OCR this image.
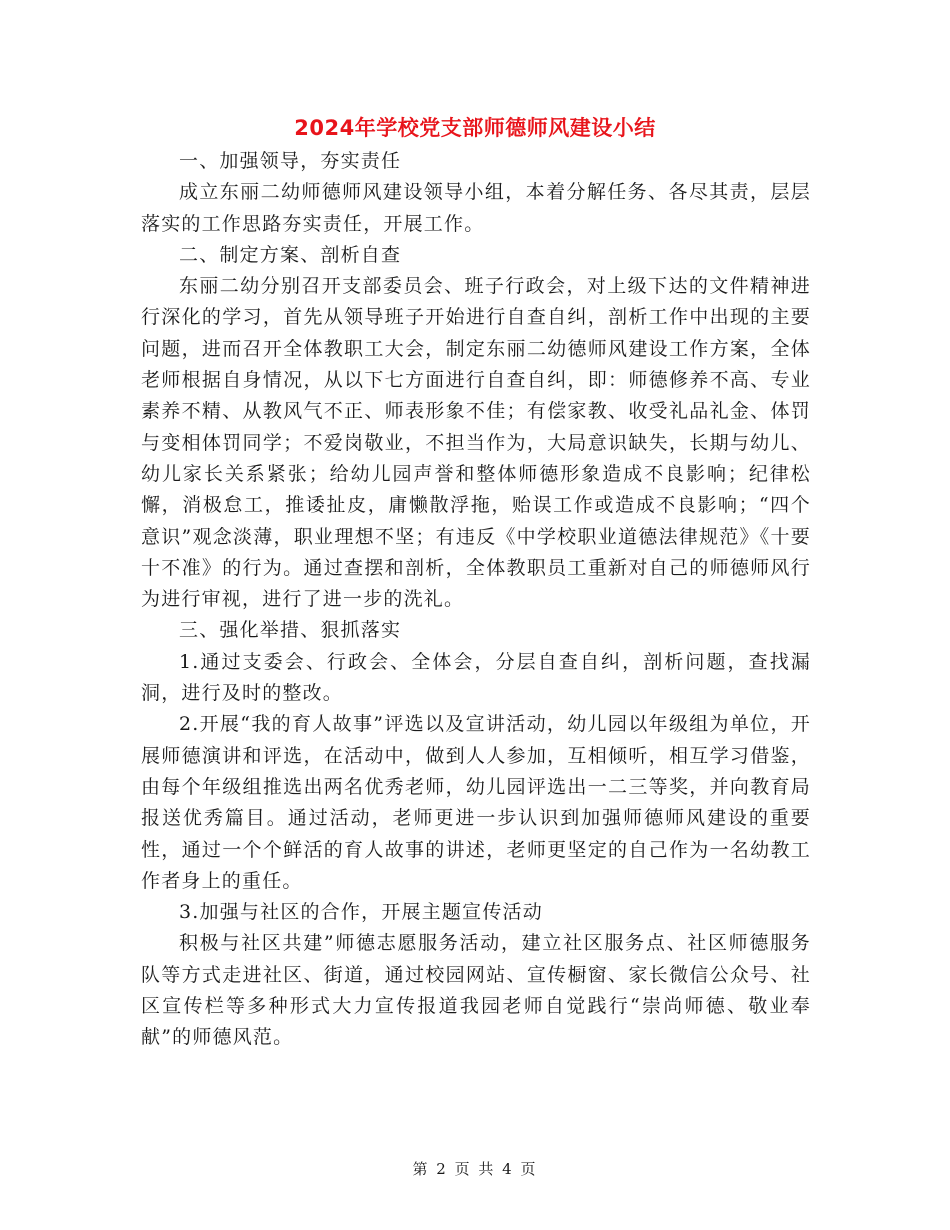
2024年学校党支部师德师风建设小结

一、加强领导，夯实责任

成立东丽二幼师德师风建设领导小组，本着分解任务、各尽其责，层层落实的工作思路夯实责任，开展工作。

二、制定方案、剖析自查

东丽二幼分别召开支部委员会、班子行政会，对上级下达的文件精神进行深化的学习，首先从领导班子开始进行自查自纠，剖析工作中出现的主要问题，进而召开全体教职工大会，制定东丽二幼德师风建设工作方案，全体老师根据自身情况，从以下七方面进行自查自纠，即：师德修养不高、专业素养不精、从教风气不正、师表形象不佳；有偿家教、收受礼品礼金、体罚与变相体罚同学；不爱岗敬业，不担当作为，大局意识缺失，长期与幼儿、幼儿家长关系紧张；给幼儿园声誉和整体师德形象造成不良影响；纪律松懈，消极怠工，推诿扯皮，庸懒散浮拖，贻误工作或造成不良影响；“四个意识”观念淡薄，职业理想不坚；有违反《中学校职业道德法律规范》《十要十不准》的行为。通过查摆和剖析，全体教职员工重新对自己的师德师风行为进行审视，进行了进一步的洗礼。

三、强化举措、狠抓落实

1.通过支委会、行政会、全体会，分层自查自纠，剖析问题，查找漏洞，进行及时的整改。

2.开展“我的育人故事”评选以及宣讲活动，幼儿园以年级组为单位，开展师德演讲和评选，在活动中，做到人人参加，互相倾听，相互学习借鉴，由每个年级组推选出两名优秀老师，幼儿园评选出一二三等奖，并向教育局报送优秀篇目。通过活动，老师更进一步认识到加强师德师风建设的重要性，通过一个个鲜活的育人故事的讲述，老师更坚定的自己作为一名幼教工作者身上的重任。

3.加强与社区的合作，开展主题宣传活动

积极与社区共建”师德志愿服务活动，建立社区服务点、社区师德服务队等方式走进社区、街道，通过校园网站、宣传橱窗、家长微信公众号、社区宣传栏等多种形式大力宣传报道我园老师自觉践行“崇尚师德、敬业奉献”的师德风范。

第 2 页 共 4 页
